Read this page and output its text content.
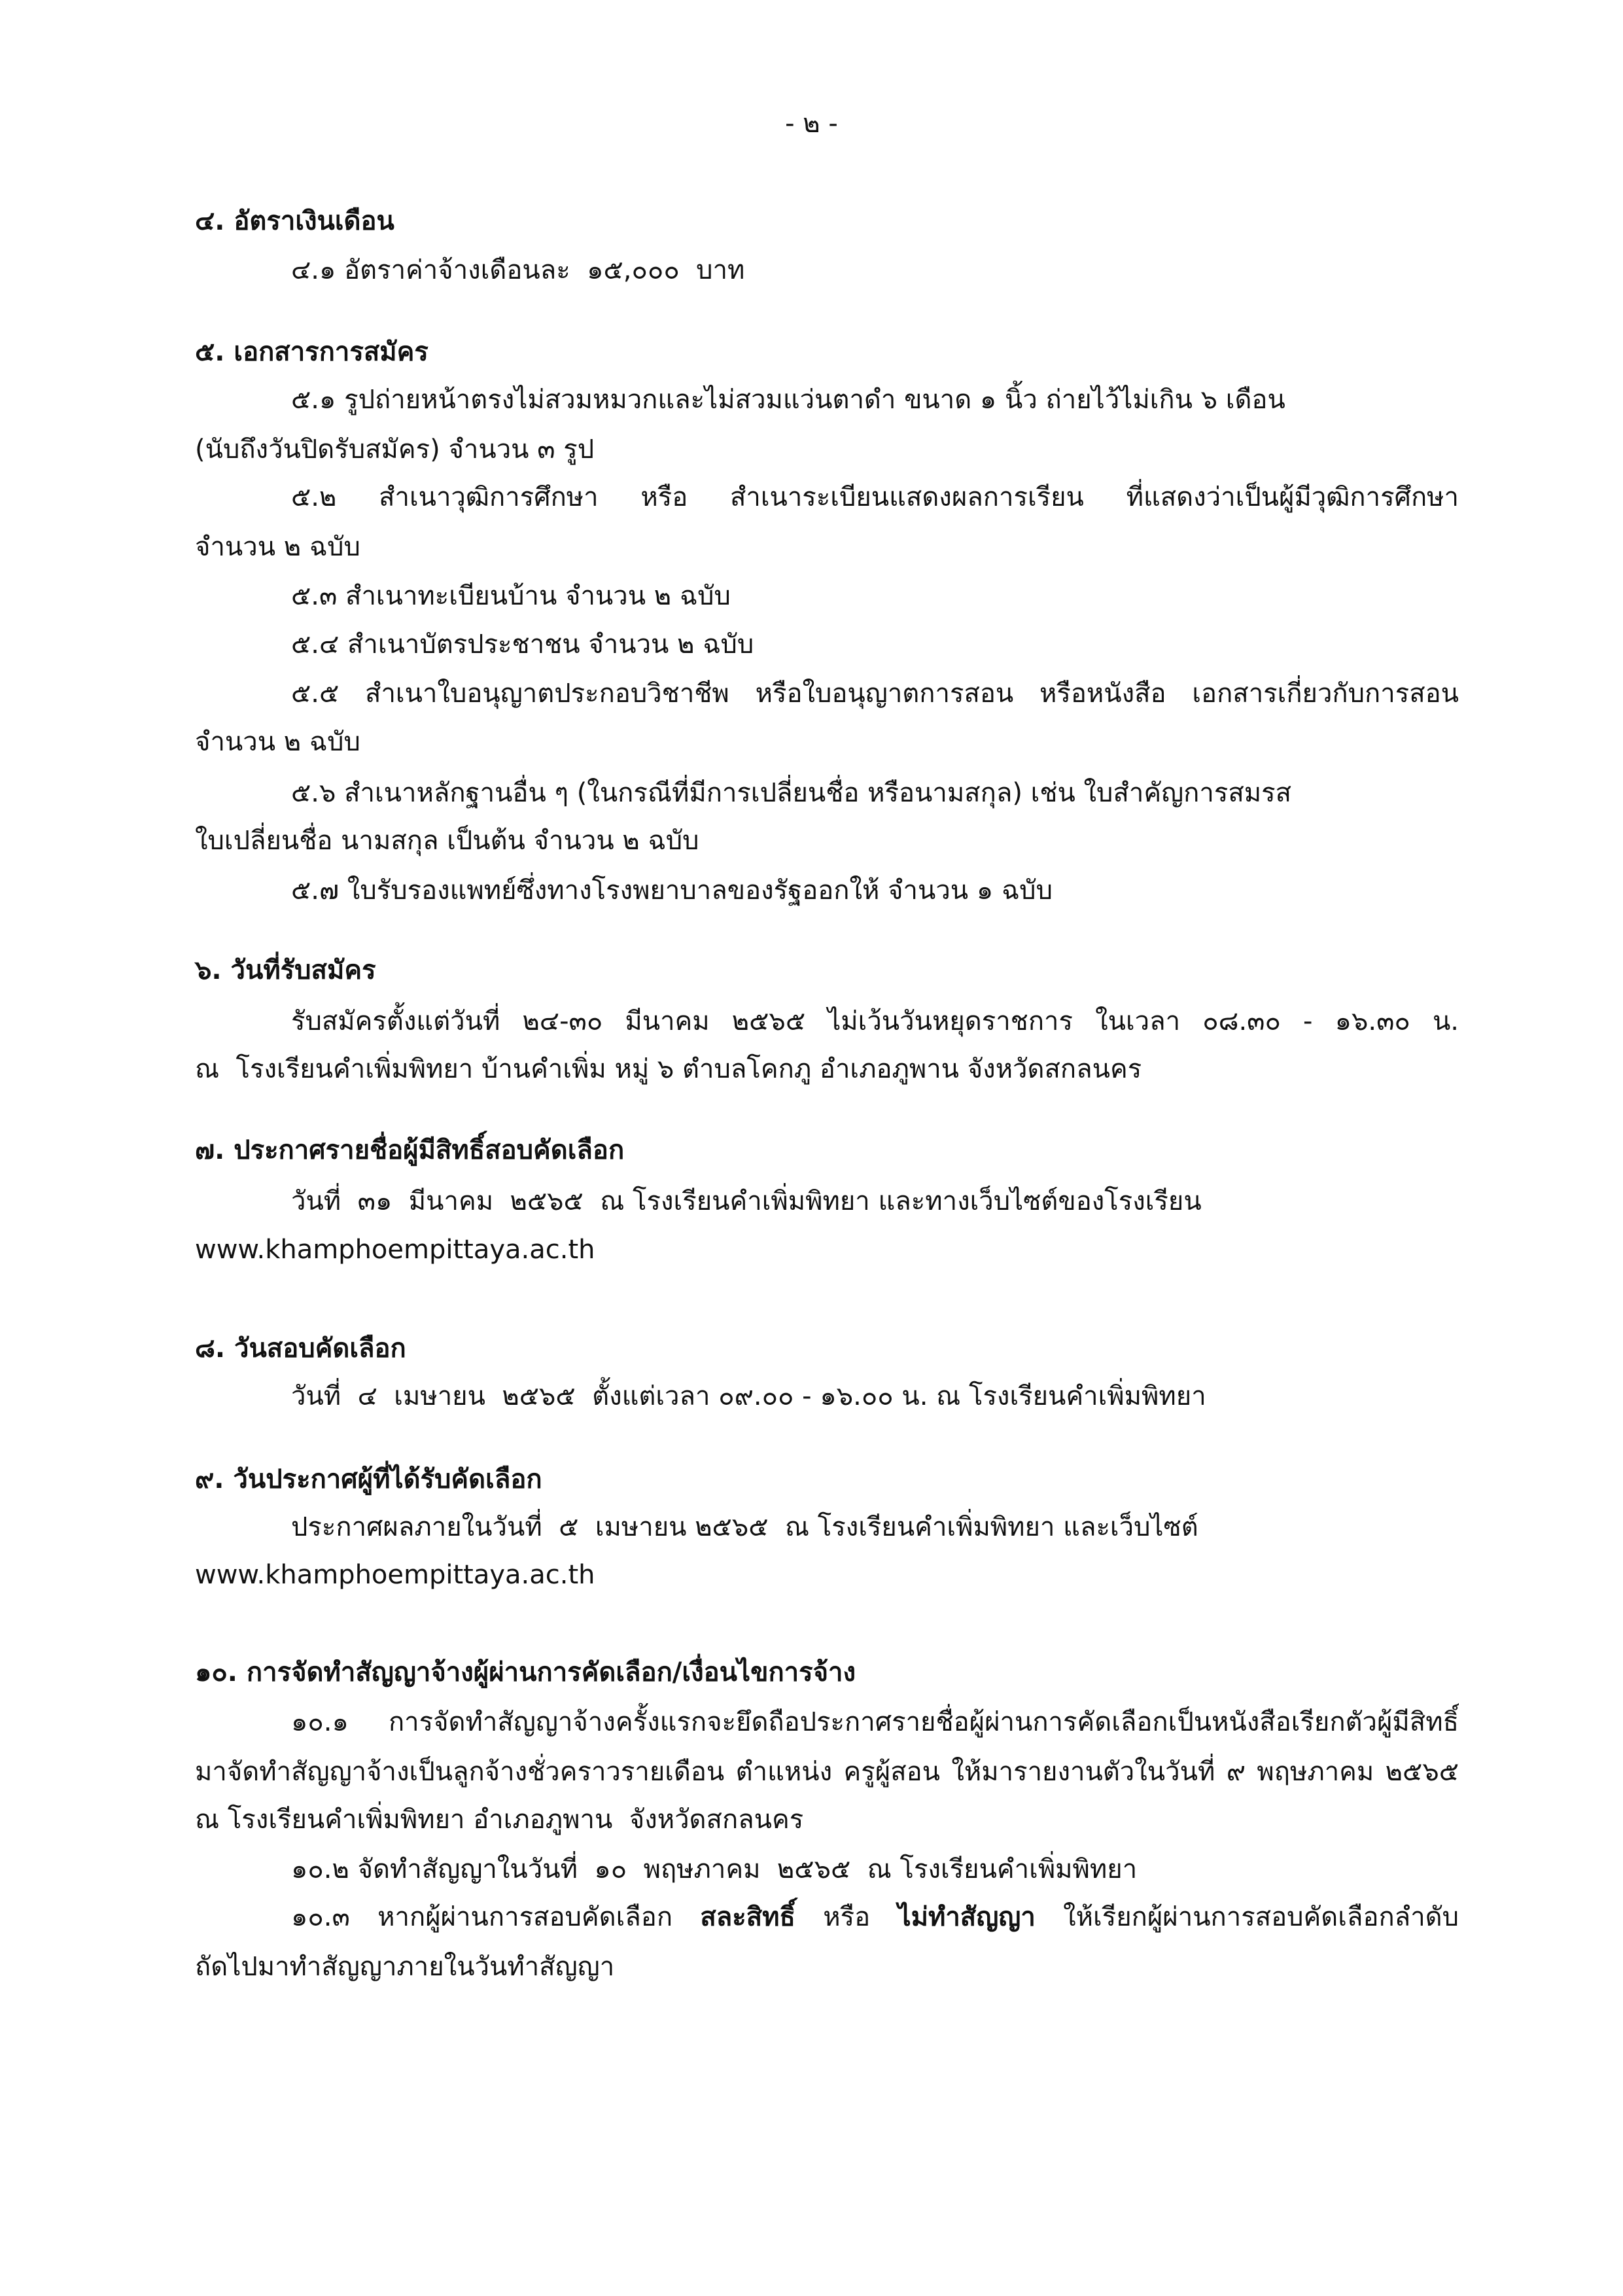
- ๒ -
๔. อัตราเงินเดือน
๔.๑ อัตราค่าจ้างเดือนละ  ๑๕,๐๐๐  บาท
๕. เอกสารการสมัคร
๕.๑ รูปถ่ายหน้าตรงไม่สวมหมวกและไม่สวมแว่นตาดำ ขนาด ๑ นิ้ว ถ่ายไว้ไม่เกิน ๖ เดือน
(นับถึงวันปิดรับสมัคร) จำนวน ๓ รูป
๕.๒ สำเนาวุฒิการศึกษา หรือ สำเนาระเบียนแสดงผลการเรียน ที่แสดงว่าเป็นผู้มีวุฒิการศึกษา
จำนวน ๒ ฉบับ
๕.๓ สำเนาทะเบียนบ้าน จำนวน ๒ ฉบับ
๕.๔ สำเนาบัตรประชาชน จำนวน ๒ ฉบับ
๕.๕ สำเนาใบอนุญาตประกอบวิชาชีพ หรือใบอนุญาตการสอน หรือหนังสือ เอกสารเกี่ยวกับการสอน
จำนวน ๒ ฉบับ
๕.๖ สำเนาหลักฐานอื่น ๆ (ในกรณีที่มีการเปลี่ยนชื่อ หรือนามสกุล) เช่น ใบสำคัญการสมรส
ใบเปลี่ยนชื่อ นามสกุล เป็นต้น จำนวน ๒ ฉบับ
๕.๗ ใบรับรองแพทย์ซึ่งทางโรงพยาบาลของรัฐออกให้ จำนวน ๑ ฉบับ
๖. วันที่รับสมัคร
รับสมัครตั้งแต่วันที่ ๒๔-๓๐ มีนาคม ๒๕๖๕ ไม่เว้นวันหยุดราชการ ในเวลา ๐๘.๓๐ - ๑๖.๓๐ น.
ณ  โรงเรียนคำเพิ่มพิทยา บ้านคำเพิ่ม หมู่ ๖ ตำบลโคกภู อำเภอภูพาน จังหวัดสกลนคร
๗. ประกาศรายชื่อผู้มีสิทธิ์สอบคัดเลือก
วันที่  ๓๑  มีนาคม  ๒๕๖๕  ณ โรงเรียนคำเพิ่มพิทยา และทางเว็บไซต์ของโรงเรียน
www.khamphoempittaya.ac.th
๘. วันสอบคัดเลือก
วันที่  ๔  เมษายน  ๒๕๖๕  ตั้งแต่เวลา ๐๙.๐๐ - ๑๖.๐๐ น. ณ โรงเรียนคำเพิ่มพิทยา
๙. วันประกาศผู้ที่ได้รับคัดเลือก
ประกาศผลภายในวันที่  ๕  เมษายน ๒๕๖๕  ณ โรงเรียนคำเพิ่มพิทยา และเว็บไซต์
www.khamphoempittaya.ac.th
๑๐. การจัดทำสัญญาจ้างผู้ผ่านการคัดเลือก/เงื่อนไขการจ้าง
๑๐.๑ การจัดทำสัญญาจ้างครั้งแรกจะยึดถือประกาศรายชื่อผู้ผ่านการคัดเลือกเป็นหนังสือเรียกตัวผู้มีสิทธิ์
มาจัดทำสัญญาจ้างเป็นลูกจ้างชั่วคราวรายเดือน ตำแหน่ง ครูผู้สอน ให้มารายงานตัวในวันที่ ๙ พฤษภาคม ๒๕๖๕
ณ โรงเรียนคำเพิ่มพิทยา อำเภอภูพาน  จังหวัดสกลนคร
๑๐.๒ จัดทำสัญญาในวันที่  ๑๐  พฤษภาคม  ๒๕๖๕  ณ โรงเรียนคำเพิ่มพิทยา
๑๐.๓ หากผู้ผ่านการสอบคัดเลือก สละสิทธิ์ หรือ ไม่ทำสัญญา ให้เรียกผู้ผ่านการสอบคัดเลือกลำดับ
ถัดไปมาทำสัญญาภายในวันทำสัญญา
